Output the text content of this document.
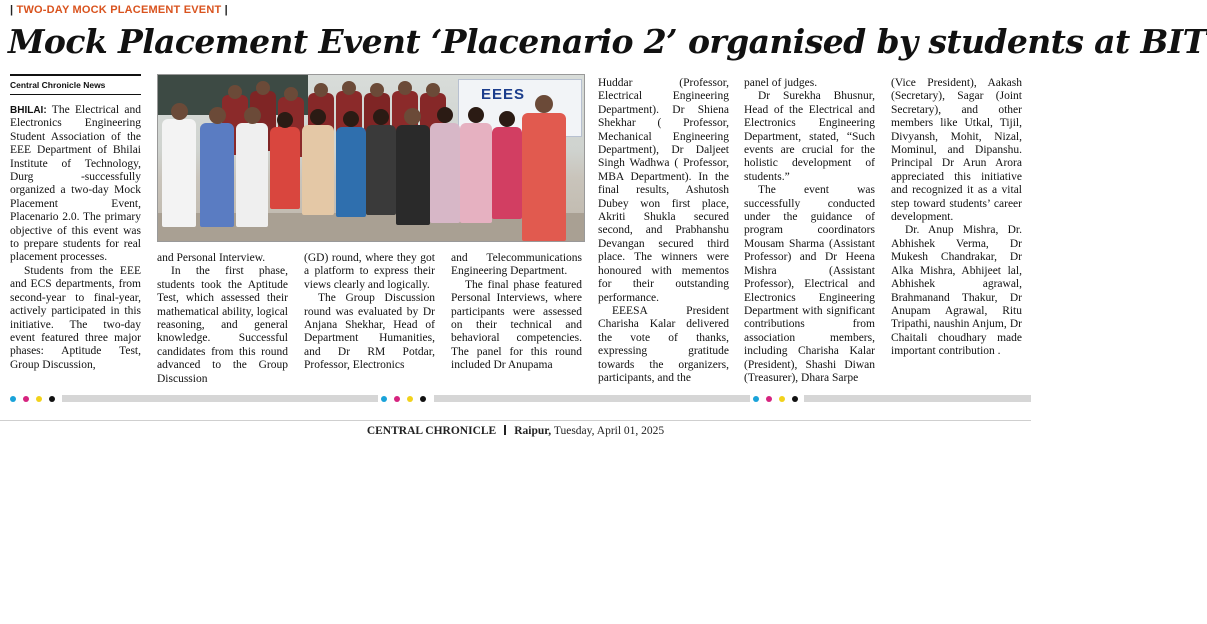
| TWO-DAY MOCK PLACEMENT EVENT |
Mock Placement Event ‘Placenario 2’ organised by students at BIT
Central Chronicle News
EEES

BHILAI: The Electrical and Electronics Engineering Student Association of the EEE Department of Bhilai Institute of Technology, Durg -successfully organized a two-day Mock Placement Event, Placenario 2.0. The primary objective of this event was to prepare students for real placement processes.

Students from the EEE and ECS departments, from second-year to final-year, actively participated in this initiative. The two-day event featured three major phases: Aptitude Test, Group Discussion,

and Personal Interview.

In the first phase, students took the Aptitude Test, which assessed their mathematical ability, logical reasoning, and general knowledge. Successful candidates from this round advanced to the Group Discussion

(GD) round, where they got a platform to express their views clearly and logically.

The Group Discussion round was evaluated by Dr Anjana Shekhar, Head of Department Humanities, and Dr RM Potdar, Professor, Electronics

and Telecommunications Engineering Department.

The final phase featured Personal Interviews, where participants were assessed on their technical and behavioral competencies. The panel for this round included Dr Anupama

Huddar (Professor, Electrical Engineering Department). Dr Shiena Shekhar ( Professor, Mechanical Engineering Department), Dr Daljeet Singh Wadhwa ( Professor, MBA Department). In the final results, Ashutosh Dubey won first place, Akriti Shukla secured second, and Prabhanshu Devangan secured third place. The winners were honoured with mementos for their outstanding performance.

EEESA President Charisha Kalar delivered the vote of thanks, expressing gratitude towards the organizers, participants, and the

panel of judges.

Dr Surekha Bhusnur, Head of the Electrical and Electronics Engineering Department, stated, “Such events are crucial for the holistic development of students.”

The event was successfully conducted under the guidance of program coordinators Mousam Sharma (Assistant Professor) and Dr Heena Mishra (Assistant Professor), Electrical and Electronics Engineering Department with significant contributions from association members, including Charisha Kalar (President), Shashi Diwan (Treasurer), Dhara Sarpe

(Vice President), Aakash (Secretary), Sagar (Joint Secretary), and other members like Utkal, Tijil, Divyansh, Mohit, Nizal, Mominul, and Dipanshu. Principal Dr Arun Arora appreciated this initiative and recognized it as a vital step toward students’ career development.

Dr. Anup Mishra, Dr. Abhishek Verma, Dr Mukesh Chandrakar, Dr Alka Mishra, Abhijeet lal, Abhishek agrawal, Brahmanand Thakur, Dr Anupam Agrawal, Ritu Tripathi, naushin Anjum, Dr Chaitali choudhary made important contribution .

CENTRAL CHRONICLE Raipur, Tuesday, April 01, 2025
